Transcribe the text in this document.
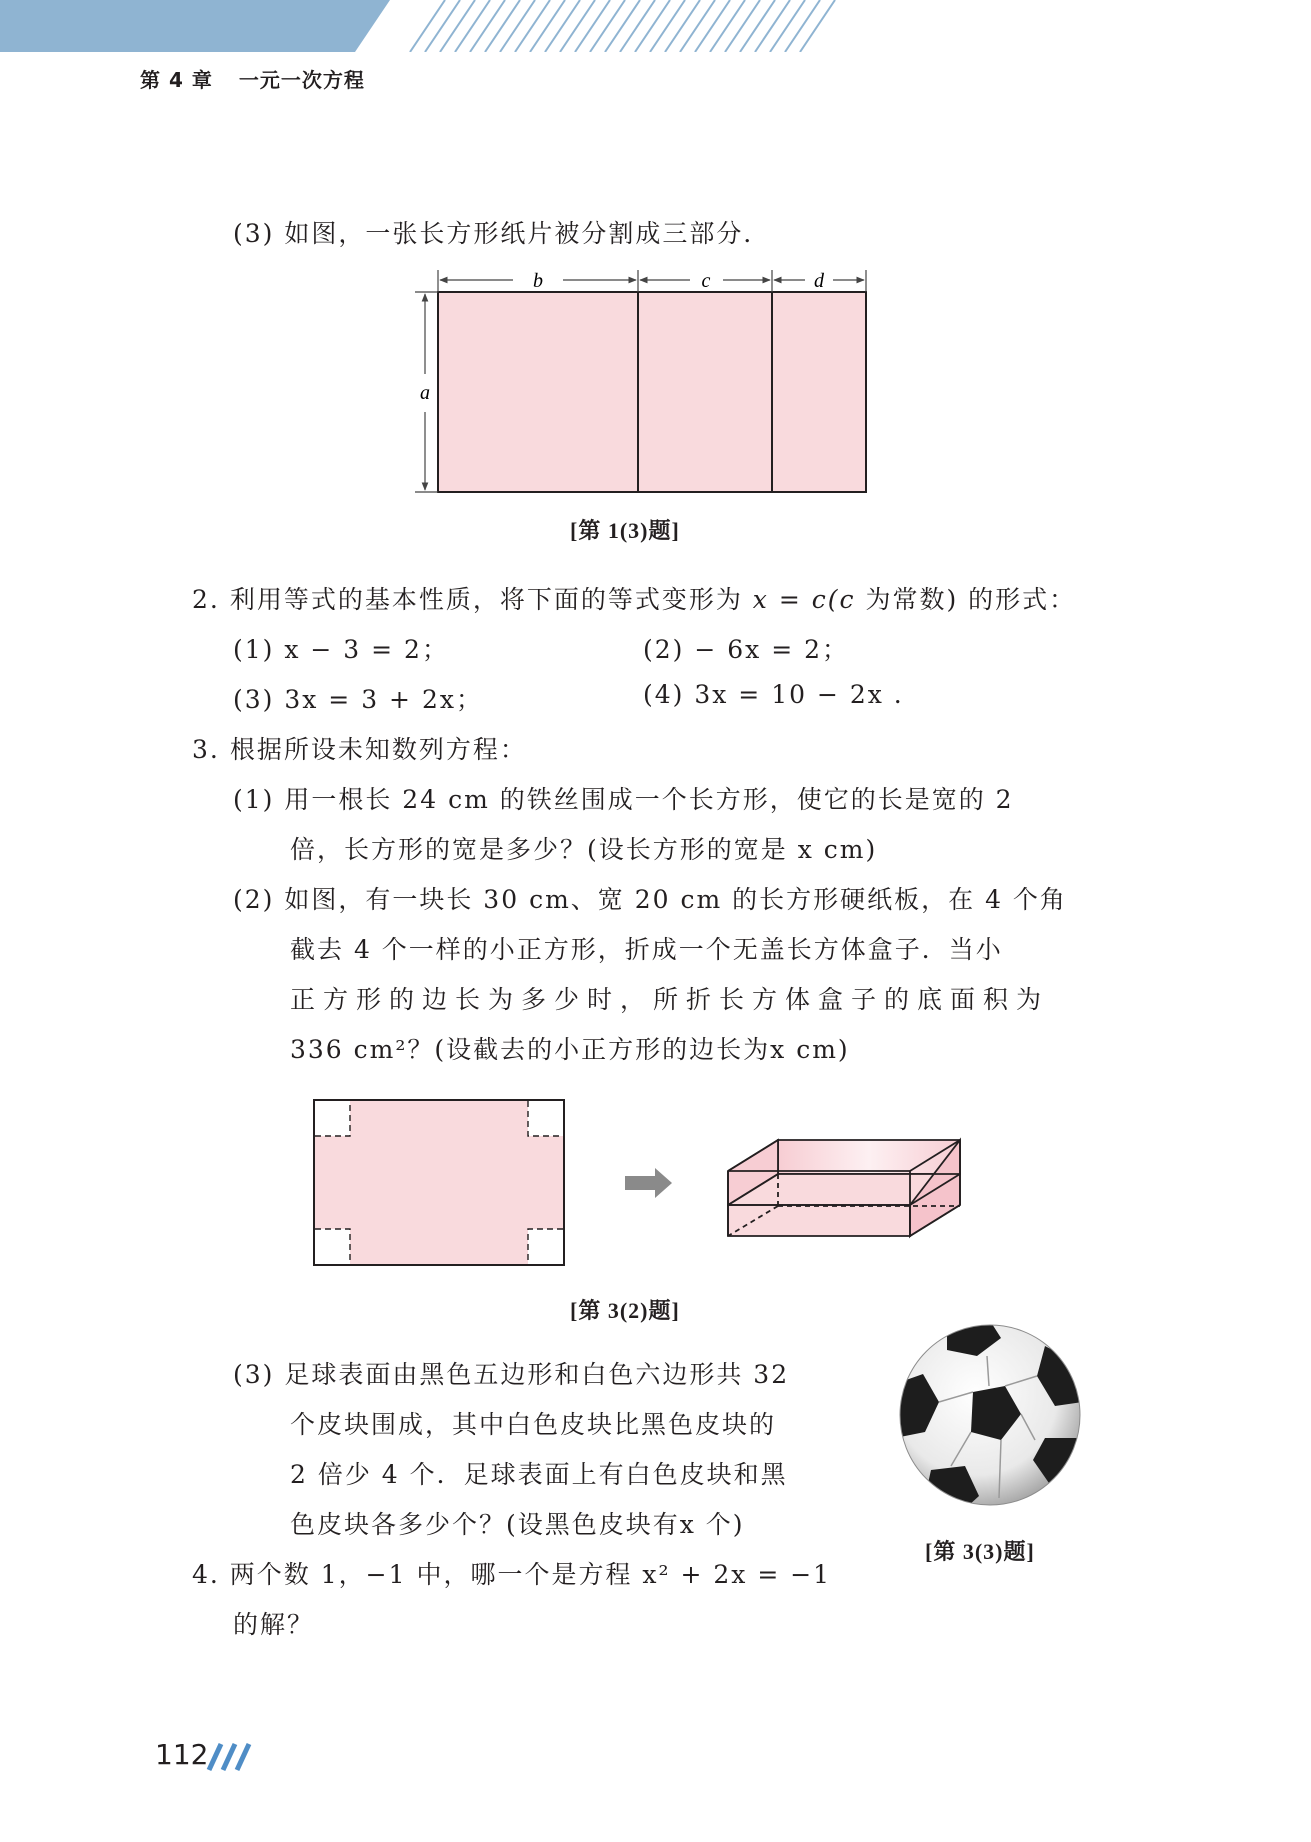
第 4 章 一元一次方程
(3) 如图，一张长方形纸片被分割成三部分．
b	c	d
a
[第 1(3)题]
2. 利用等式的基本性质，将下面的等式变形为 x = c(c 为常数) 的形式：
(1) x − 3 = 2；	(2) − 6x = 2；
(3) 3x = 3 + 2x；	(4) 3x = 10 − 2x .
3. 根据所设未知数列方程：
(1) 用一根长 24 cm 的铁丝围成一个长方形，使它的长是宽的 2
倍，长方形的宽是多少？(设长方形的宽是 x cm)
(2) 如图，有一块长 30 cm、宽 20 cm 的长方形硬纸板，在 4 个角
截去 4 个一样的小正方形，折成一个无盖长方体盒子．当小
正方形的边长为多少时，所折长方体盒子的底面积为
336 cm²？(设截去的小正方形的边长为x cm)
[第 3(2)题]
(3) 足球表面由黑色五边形和白色六边形共 32
个皮块围成，其中白色皮块比黑色皮块的
2 倍少 4 个．足球表面上有白色皮块和黑
色皮块各多少个？(设黑色皮块有x 个)
[第 3(3)题]
4. 两个数 1，−1 中，哪一个是方程 x² + 2x = −1
的解？
112
